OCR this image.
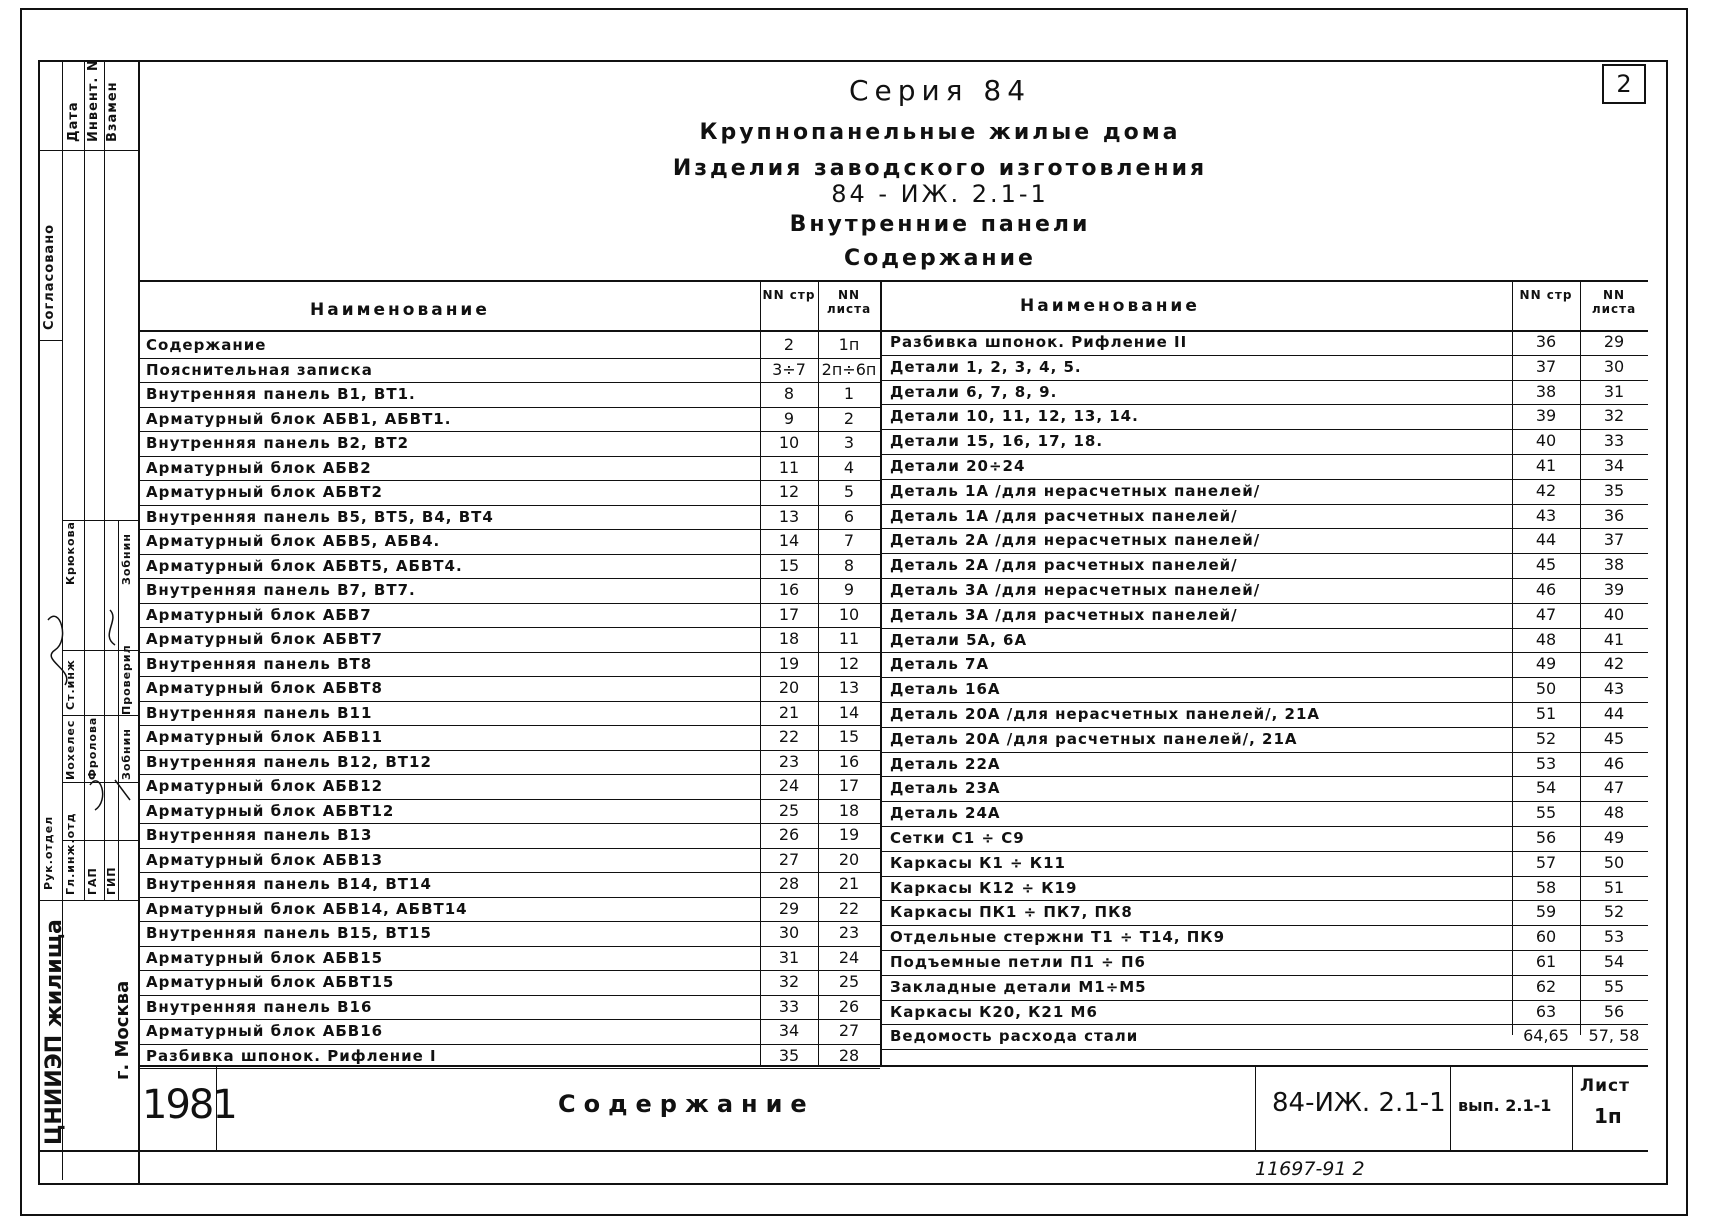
2
Серия 84
Крупнопанельные жилые дома
Изделия заводского изготовления
84 - ИЖ. 2.1-1
Внутренние панели
Содержание
Согласовано
Дата Инвент. N Взамен
Рук.отдел Гл.инж.отд ГАП ГИП
Иохелес Фролова Зобнин
Крюкова	Зобнин
Ст.инж	Проверил
ЦНИИЭП жилища	г. Москва
Наименование
NN стр	NN листа	Наименование
NN стр	NN листа
Содержание	2	1п
Пояснительная записка	3÷7 2п÷6п
Внутренняя панель В1, ВТ1.	8	1
Арматурный блок АБВ1, АБВТ1.	9	2
Внутренняя панель В2, ВТ2	10	3
Арматурный блок АБВ2	11	4
Арматурный блок АБВТ2	12	5
Внутренняя панель В5, ВТ5, В4, ВТ4	13	6
Арматурный блок АБВ5, АБВ4.	14	7
Арматурный блок АБВТ5, АБВТ4.	15	8
Внутренняя панель В7, ВТ7.	16	9
Арматурный блок АБВ7	17	10
Арматурный блок АБВТ7	18	11
Внутренняя панель ВТ8	19	12
Арматурный блок АБВТ8	20	13
Внутренняя панель В11	21	14
Арматурный блок АБВ11	22	15
Внутренняя панель В12, ВТ12	23	16
Арматурный блок АБВ12	24	17
Арматурный блок АБВТ12	25	18
Внутренняя панель В13	26	19
Арматурный блок АБВ13	27	20
Внутренняя панель В14, ВТ14	28	21
Арматурный блок АБВ14, АБВТ14	29	22
Внутренняя панель В15, ВТ15	30	23
Арматурный блок АБВ15	31	24
Арматурный блок АБВТ15	32	25
Внутренняя панель В16	33	26
Арматурный блок АБВ16	34	27
Разбивка шпонок. Рифление I	35	28
Разбивка шпонок. Рифление II	36	29
Детали 1, 2, 3, 4, 5.	37	30
Детали 6, 7, 8, 9.	38	31
Детали 10, 11, 12, 13, 14.	39	32
Детали 15, 16, 17, 18.	40	33
Детали 20÷24	41	34
Деталь 1А /для нерасчетных панелей/	42	35
Деталь 1А /для расчетных панелей/	43	36
Деталь 2А /для нерасчетных панелей/	44	37
Деталь 2А /для расчетных панелей/	45	38
Деталь 3А /для нерасчетных панелей/	46	39
Деталь 3А /для расчетных панелей/	47	40
Детали 5А, 6А	48	41
Деталь 7А	49	42
Деталь 16А	50	43
Деталь 20А /для нерасчетных панелей/, 21А	51	44
Деталь 20А /для расчетных панелей/, 21А	52	45
Деталь 22А	53	46
Деталь 23А	54	47
Деталь 24А	55	48
Сетки С1 ÷ С9	56	49
Каркасы К1 ÷ К11	57	50
Каркасы К12 ÷ К19	58	51
Каркасы ПК1 ÷ ПК7, ПК8	59	52
Отдельные стержни Т1 ÷ Т14, ПК9	60	53
Подъемные петли П1 ÷ П6	61	54
Закладные детали М1÷М5	62	55
Каркасы К20, К21 М6	63	56
Ведомость расхода стали	64,65	57, 58
1981	Содержание	84-ИЖ. 2.1-1 вып. 2.1-1
Лист
1п
11697-91 2
